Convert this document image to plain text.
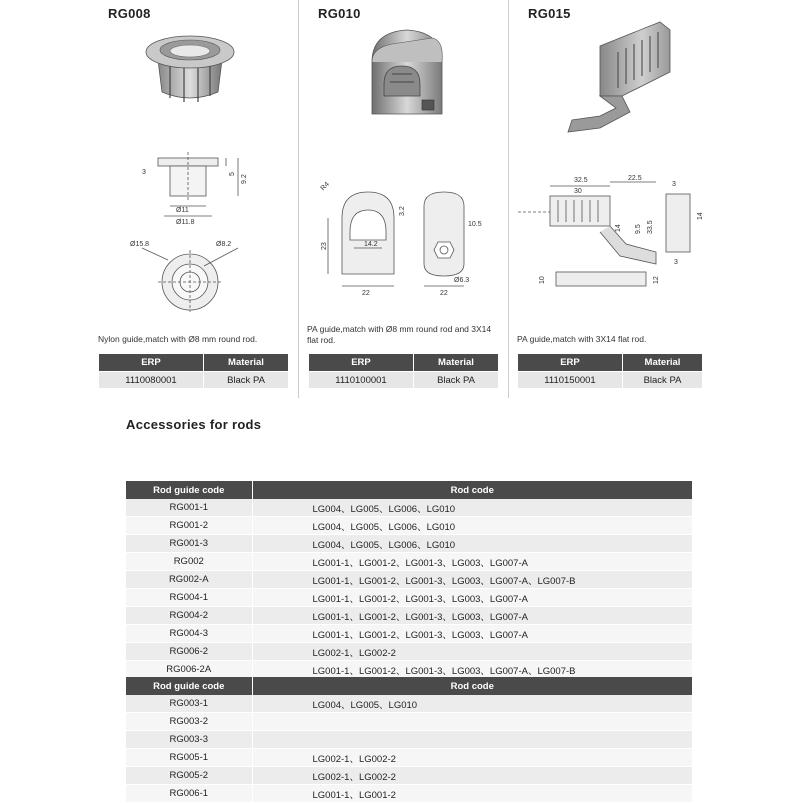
RG008
Ø11
Ø11.8
3	5
9.2
Ø15.8	Ø8.2
Nylon guide,match with Ø8 mm round rod.
ERP	Material
1110080001	Black PA
RG010
R4
14.2
3.2
23
22	22
10.5
Ø6.3
PA guide,match with Ø8 mm round rod and 3X14 flat rod.
ERP	Material
1110100001	Black PA
RG015
32.5	22.5
30
14 9.5 33.5
3
14
3
10	12
PA guide,match with 3X14 flat rod.
ERP	Material
1110150001	Black PA
Accessories for rods
Rod guide code	Rod code
RG001-1	LG004、LG005、LG006、LG010
RG001-2	LG004、LG005、LG006、LG010
RG001-3	LG004、LG005、LG006、LG010
RG002	LG001-1、LG001-2、LG001-3、LG003、LG007-A
RG002-A	LG001-1、LG001-2、LG001-3、LG003、LG007-A、LG007-B
RG004-1	LG001-1、LG001-2、LG001-3、LG003、LG007-A
RG004-2	LG001-1、LG001-2、LG001-3、LG003、LG007-A
RG004-3	LG001-1、LG001-2、LG001-3、LG003、LG007-A
RG006-2	LG002-1、LG002-2
RG006-2A	LG001-1、LG001-2、LG001-3、LG003、LG007-A、LG007-B
Rod guide code	Rod code
RG003-1	LG004、LG005、LG010
RG003-2	
RG003-3	
RG005-1	LG002-1、LG002-2
RG005-2	LG002-1、LG002-2
RG006-1	LG001-1、LG001-2
